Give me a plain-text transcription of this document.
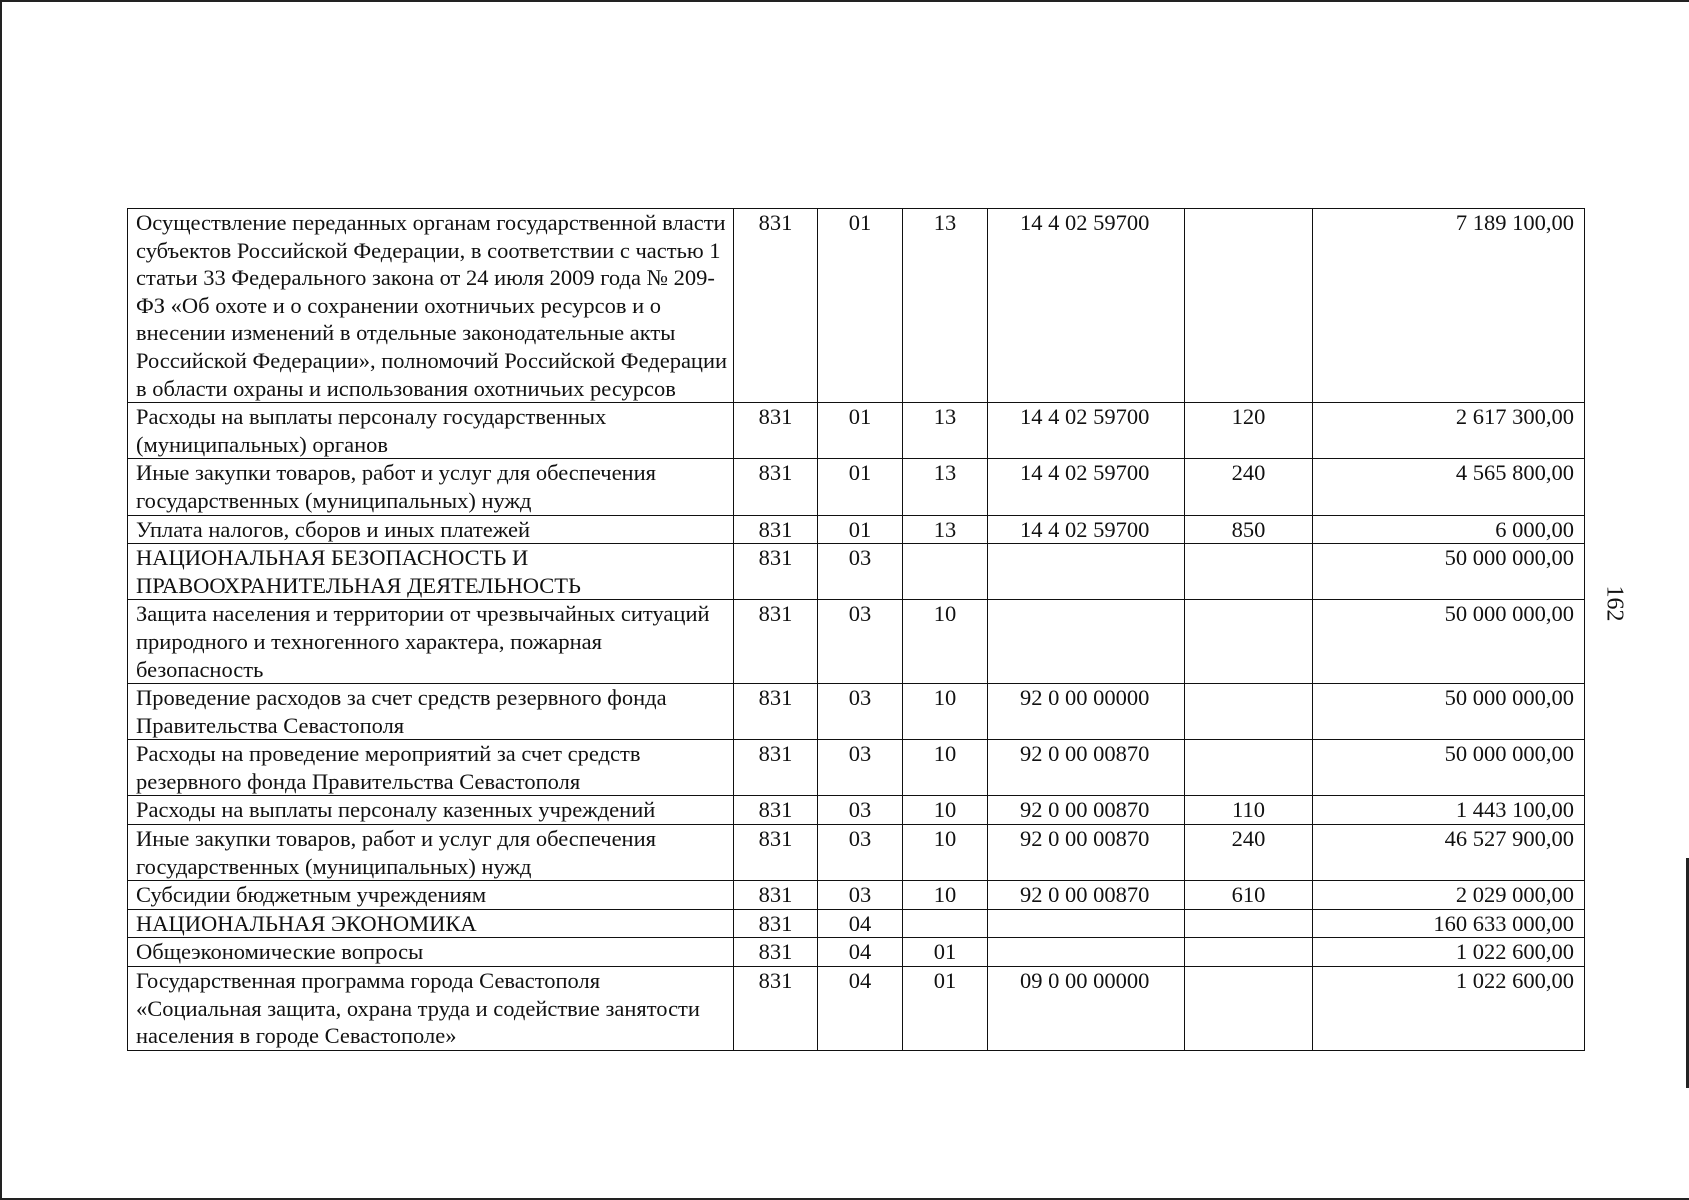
Осуществление переданных органам государственной власти субъектов Российской Федерации, в соответствии с частью 1 статьи 33 Федерального закона от 24 июля 2009 года № 209-ФЗ «Об охоте и о сохранении охотничьих ресурсов и о внесении изменений в отдельные законодательные акты Российской Федерации», полномочий Российской Федерации в области охраны и использования охотничьих ресурсов	831	01	13	14 4 02 59700		7 189 100,00
Расходы на выплаты персоналу государственных (муниципальных) органов	831	01	13	14 4 02 59700	120	2 617 300,00
Иные закупки товаров, работ и услуг для обеспечения государственных (муниципальных) нужд	831	01	13	14 4 02 59700	240	4 565 800,00
Уплата налогов, сборов и иных платежей	831	01	13	14 4 02 59700	850	6 000,00
НАЦИОНАЛЬНАЯ БЕЗОПАСНОСТЬ И ПРАВООХРАНИТЕЛЬНАЯ ДЕЯТЕЛЬНОСТЬ	831	03				50 000 000,00
Защита населения и территории от чрезвычайных ситуаций природного и техногенного характера, пожарная безопасность	831	03	10			50 000 000,00
Проведение расходов за счет средств резервного фонда Правительства Севастополя	831	03	10	92 0 00 00000		50 000 000,00
Расходы на проведение мероприятий за счет средств резервного фонда Правительства Севастополя	831	03	10	92 0 00 00870		50 000 000,00
Расходы на выплаты персоналу казенных учреждений	831	03	10	92 0 00 00870	110	1 443 100,00
Иные закупки товаров, работ и услуг для обеспечения государственных (муниципальных) нужд	831	03	10	92 0 00 00870	240	46 527 900,00
Субсидии бюджетным учреждениям	831	03	10	92 0 00 00870	610	2 029 000,00
НАЦИОНАЛЬНАЯ ЭКОНОМИКА	831	04				160 633 000,00
Общеэкономические вопросы	831	04	01			1 022 600,00
Государственная программа города Севастополя «Социальная защита, охрана труда и содействие занятости населения в городе Севастополе»	831	04	01	09 0 00 00000		1 022 600,00
162
